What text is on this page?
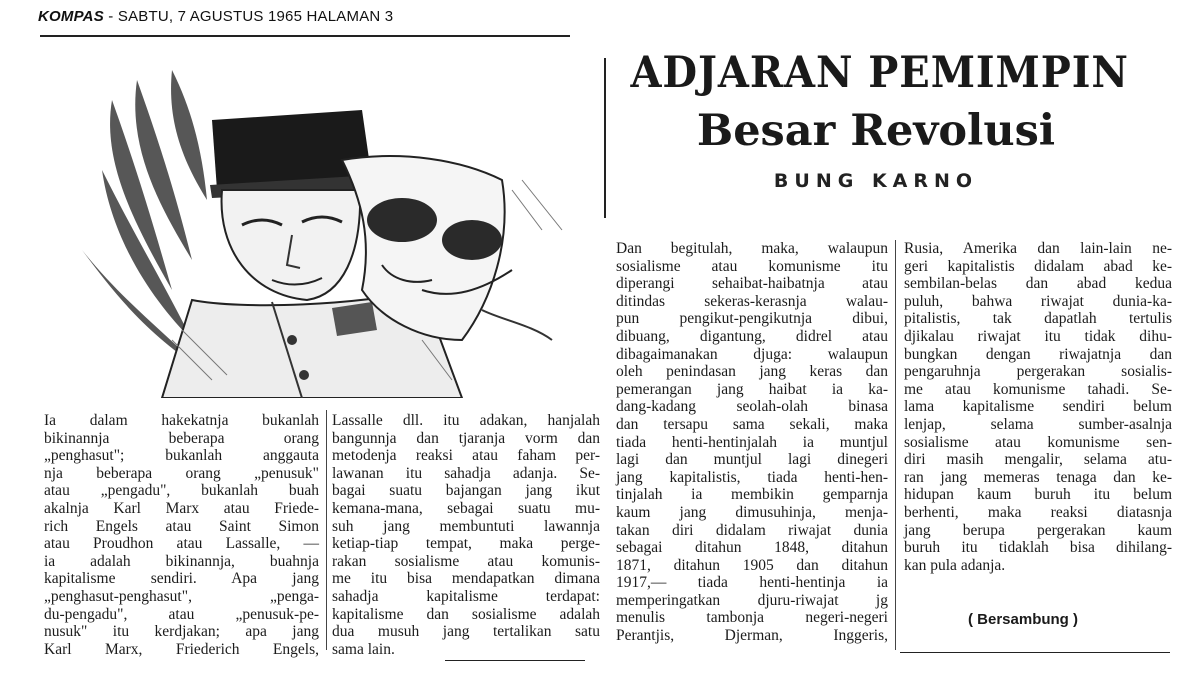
KOMPAS - SABTU, 7 AGUSTUS 1965 HALAMAN 3
ADJARAN PEMIMPIN
Besar Revolusi
BUNG KARNO
Ia dalam hakekatnja bukanlah
bikinannja beberapa orang
„penghasut"; bukanlah anggauta
nja beberapa orang „penusuk"
atau „pengadu", bukanlah buah
akalnja Karl Marx atau Friede-
rich Engels atau Saint Simon
atau Proudhon atau Lassalle, —
ia adalah bikinannja, buahnja
kapitalisme sendiri. Apa jang
„penghasut-penghasut", „penga-
du-pengadu", atau „penusuk-pe-
nusuk" itu kerdjakan; apa jang
Karl Marx, Friederich Engels,
Lassalle dll. itu adakan, hanjalah
bangunnja dan tjaranja vorm dan
metodenja reaksi atau faham per-
lawanan itu sahadja adanja. Se-
bagai suatu bajangan jang ikut
kemana-mana, sebagai suatu mu-
suh jang membuntuti lawannja
ketiap-tiap tempat, maka perge-
rakan sosialisme atau komunis-
me itu bisa mendapatkan dimana
sahadja kapitalisme terdapat:
kapitalisme dan sosialisme adalah
dua musuh jang tertalikan satu
sama lain.
Dan begitulah, maka, walaupun
sosialisme atau komunisme itu
diperangi sehaibat-haibatnja atau
ditindas sekeras-kerasnja walau-
pun pengikut-pengikutnja dibui,
dibuang, digantung, didrel atau
dibagaimanakan djuga: walaupun
oleh penindasan jang keras dan
pemerangan jang haibat ia ka-
dang-kadang seolah-olah binasa
dan tersapu sama sekali, maka
tiada henti-hentinjalah ia muntjul
lagi dan muntjul lagi dinegeri
jang kapitalistis, tiada henti-hen-
tinjalah ia membikin gemparnja
kaum jang dimusuhinja, menja-
takan diri didalam riwajat dunia
sebagai ditahun 1848, ditahun
1871, ditahun 1905 dan ditahun
1917,— tiada henti-hentinja ia
memperingatkan djuru-riwajat jg
menulis tambonja negeri-negeri
Perantjis, Djerman, Inggeris,
Rusia, Amerika dan lain-lain ne-
geri kapitalistis didalam abad ke-
sembilan-belas dan abad kedua
puluh, bahwa riwajat dunia-ka-
pitalistis, tak dapatlah tertulis
djikalau riwajat itu tidak dihu-
bungkan dengan riwajatnja dan
pengaruhnja pergerakan sosialis-
me atau komunisme tahadi. Se-
lama kapitalisme sendiri belum
lenjap, selama sumber-asalnja
sosialisme atau komunisme sen-
diri masih mengalir, selama atu-
ran jang memeras tenaga dan ke-
hidupan kaum buruh itu belum
berhenti, maka reaksi diatasnja
jang berupa pergerakan kaum
buruh itu tidaklah bisa dihilang-
kan pula adanja.
( Bersambung )
